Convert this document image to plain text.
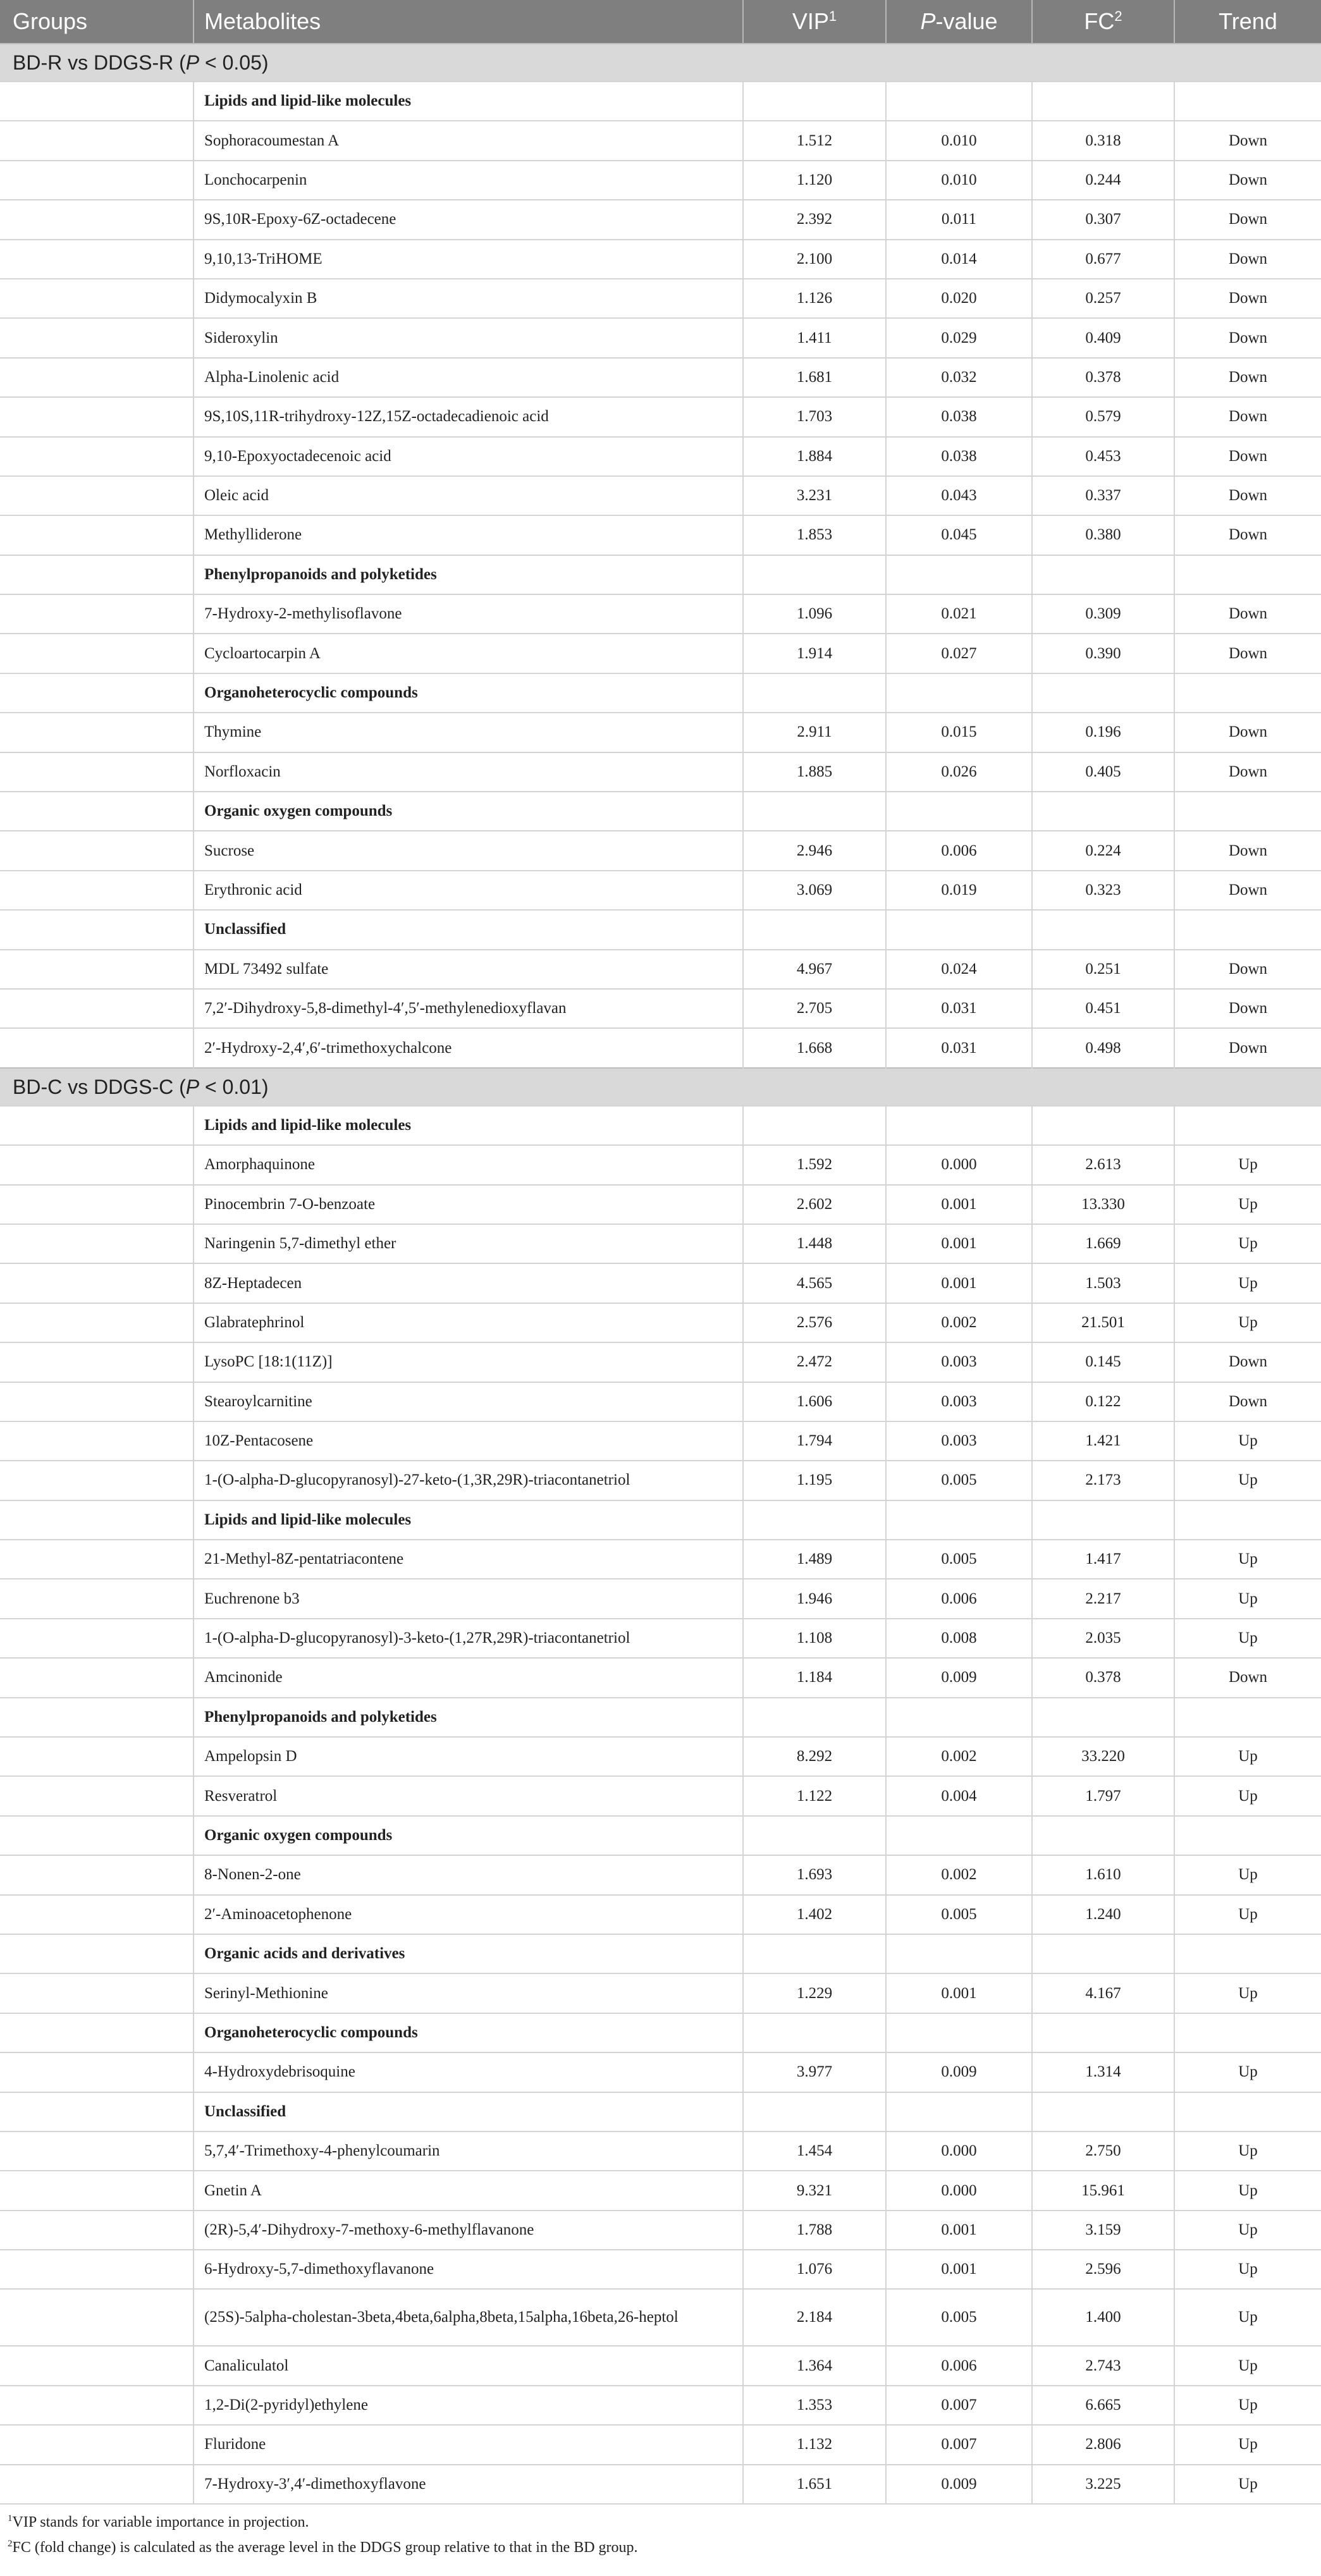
Groups	Metabolites	VIP$^1$	P-value	$FC^2$	Trend
BD-R vs DDGS-R (P < 0.05)					
	Lipids and lipid-like molecules				
	Sophoracoumestan A	1.512	0.010	0.318	Down
	Lonchocarpenin	1.120	0.010	0.244	Down
	9S,10R-Epoxy-6Z-octadecene	2.392	0.011	0.307	Down
	9,10,13-TriHOME	2.100	0.014	0.677	Down
	Didymocalyxin B	1.126	0.020	0.257	Down
	Sideroxylin	1.411	0.029	0.409	Down
	Alpha-Linolenic acid	1.681	0.032	0.378	Down
	9S,10S,11R-trihydroxy-12Z,15Z-octadecadienoic acid	1.703	0.038	0.579	Down
	9,10-Epoxyoctadecenoic acid	1.884	0.038	0.453	Down
	Oleic acid	3.231	0.043	0.337	Down
	Methylliderone	1.853	0.045	0.380	Down
	Phenylpropanoids and polyketides				
	7-Hydroxy-2-methylisoflavone	1.096	0.021	0.309	Down
	Cycloartocarpin A	1.914	0.027	0.390	Down
	Organoheterocyclic compounds				
	Thymine	2.911	0.015	0.196	Down
	Norfloxacin	1.885	0.026	0.405	Down
	Organic oxygen compounds				
	Sucrose	2.946	0.006	0.224	Down
	Erythronic acid	3.069	0.019	0.323	Down
	Unclassified				
	MDL 73492 sulfate	4.967	0.024	0.251	Down
	7,2′-Dihydroxy-5,8-dimethyl-4′,5′-methylenedioxyflavan	2.705	0.031	0.451	Down
	2′-Hydroxy-2,4′,6′-trimethoxychalcone	1.668	0.031	0.498	Down
BD-C vs DDGS-C (P < 0.01)					
	Lipids and lipid-like molecules				
	Amorphaquinone	1.592	0.000	2.613	Up
	Pinocembrin 7-O-benzoate	2.602	0.001	13.330	Up
	Naringenin 5,7-dimethyl ether	1.448	0.001	1.669	Up
	8Z-Heptadecen	4.565	0.001	1.503	Up
	Glabratephrinol	2.576	0.002	21.501	Up
	LysoPC [18:1(11Z)]	2.472	0.003	0.145	Down
	Stearoylcarnitine	1.606	0.003	0.122	Down
	10Z-Pentacosene	1.794	0.003	1.421	Up
	1-(O-alpha-D-glucopyranosyl)-27-keto-(1,3R,29R)-triacontanetriol	1.195	0.005	2.173	Up
	Lipids and lipid-like molecules				
	21-Methyl-8Z-pentatriacontene	1.489	0.005	1.417	Up
	Euchrenone b3	1.946	0.006	2.217	Up
	1-(O-alpha-D-glucopyranosyl)-3-keto-(1,27R,29R)-triacontanetriol	1.108	0.008	2.035	Up
	Amcinonide	1.184	0.009	0.378	Down
	Phenylpropanoids and polyketides				
	Ampelopsin D	8.292	0.002	33.220	Up
	Resveratrol	1.122	0.004	1.797	Up
	Organic oxygen compounds				
	8-Nonen-2-one	1.693	0.002	1.610	Up
	2′-Aminoacetophenone	1.402	0.005	1.240	Up
	Organic acids and derivatives				
	Serinyl-Methionine	1.229	0.001	4.167	Up
	Organoheterocyclic compounds				
	4-Hydroxydebrisoquine	3.977	0.009	1.314	Up
	Unclassified				
	5,7,4′-Trimethoxy-4-phenylcoumarin	1.454	0.000	2.750	Up
	Gnetin A	9.321	0.000	15.961	Up
	(2R)-5,4′-Dihydroxy-7-methoxy-6-methylflavanone	1.788	0.001	3.159	Up
	6-Hydroxy-5,7-dimethoxyflavanone	1.076	0.001	2.596	Up
	(25S)-5alpha-cholestan-3beta,4beta,6alpha,8beta,15alpha,16beta,26-heptol	2.184	0.005	1.400	Up
	Canaliculatol	1.364	0.006	2.743	Up
	1,2-Di(2-pyridyl)ethylene	1.353	0.007	6.665	Up
	Fluridone	1.132	0.007	2.806	Up
	7-Hydroxy-3′,4′-dimethoxyflavone	1.651	0.009	3.225	Up

$^1$VIP stands for variable importance in projection.

$^2$FC (fold change) is calculated as the average level in the DDGS group relative to that in the BD group.
